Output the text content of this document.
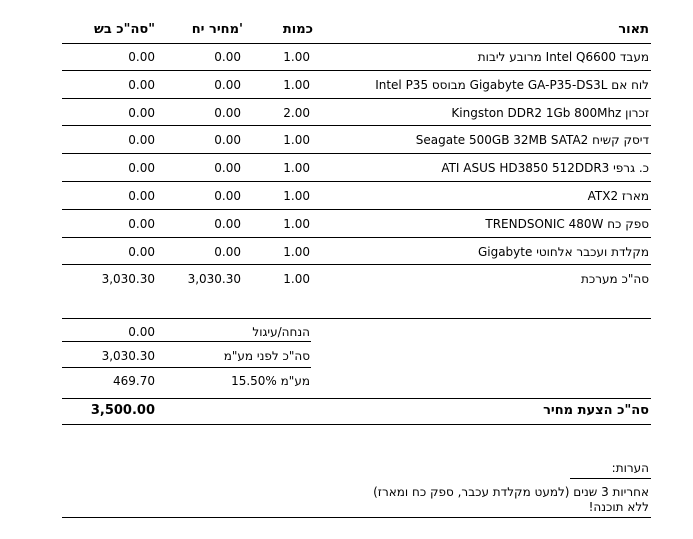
תאור
כמות
מחיר יח'
סה"כ בש"
מעבד Intel Q6600 מרובע ליבות
1.00
0.00
0.00
לוח אם Gigabyte GA-P35-DS3L מבוסס Intel P35
1.00
0.00
0.00
זכרון Kingston DDR2 1Gb 800Mhz
2.00
0.00
0.00
דיסק קשיח Seagate 500GB 32MB SATA2
1.00
0.00
0.00
כ. גרפי ATI ASUS HD3850 512DDR3
1.00
0.00
0.00
מארז ATX2
1.00
0.00
0.00
ספק כח TRENDSONIC 480W
1.00
0.00
0.00
מקלדת ועכבר אלחוטי Gigabyte
1.00
0.00
0.00
סה"כ מערכת
1.00
3,030.30
3,030.30
הנחה/עיגול
0.00
סה"כ לפני מע"מ
3,030.30
מע"מ 15.50%
469.70
סה"כ הצעת מחיר
3,500.00
הערות:
אחריות 3 שנים (למעט מקלדת עכבר, ספק כח ומארז)
ללא תוכנה!
